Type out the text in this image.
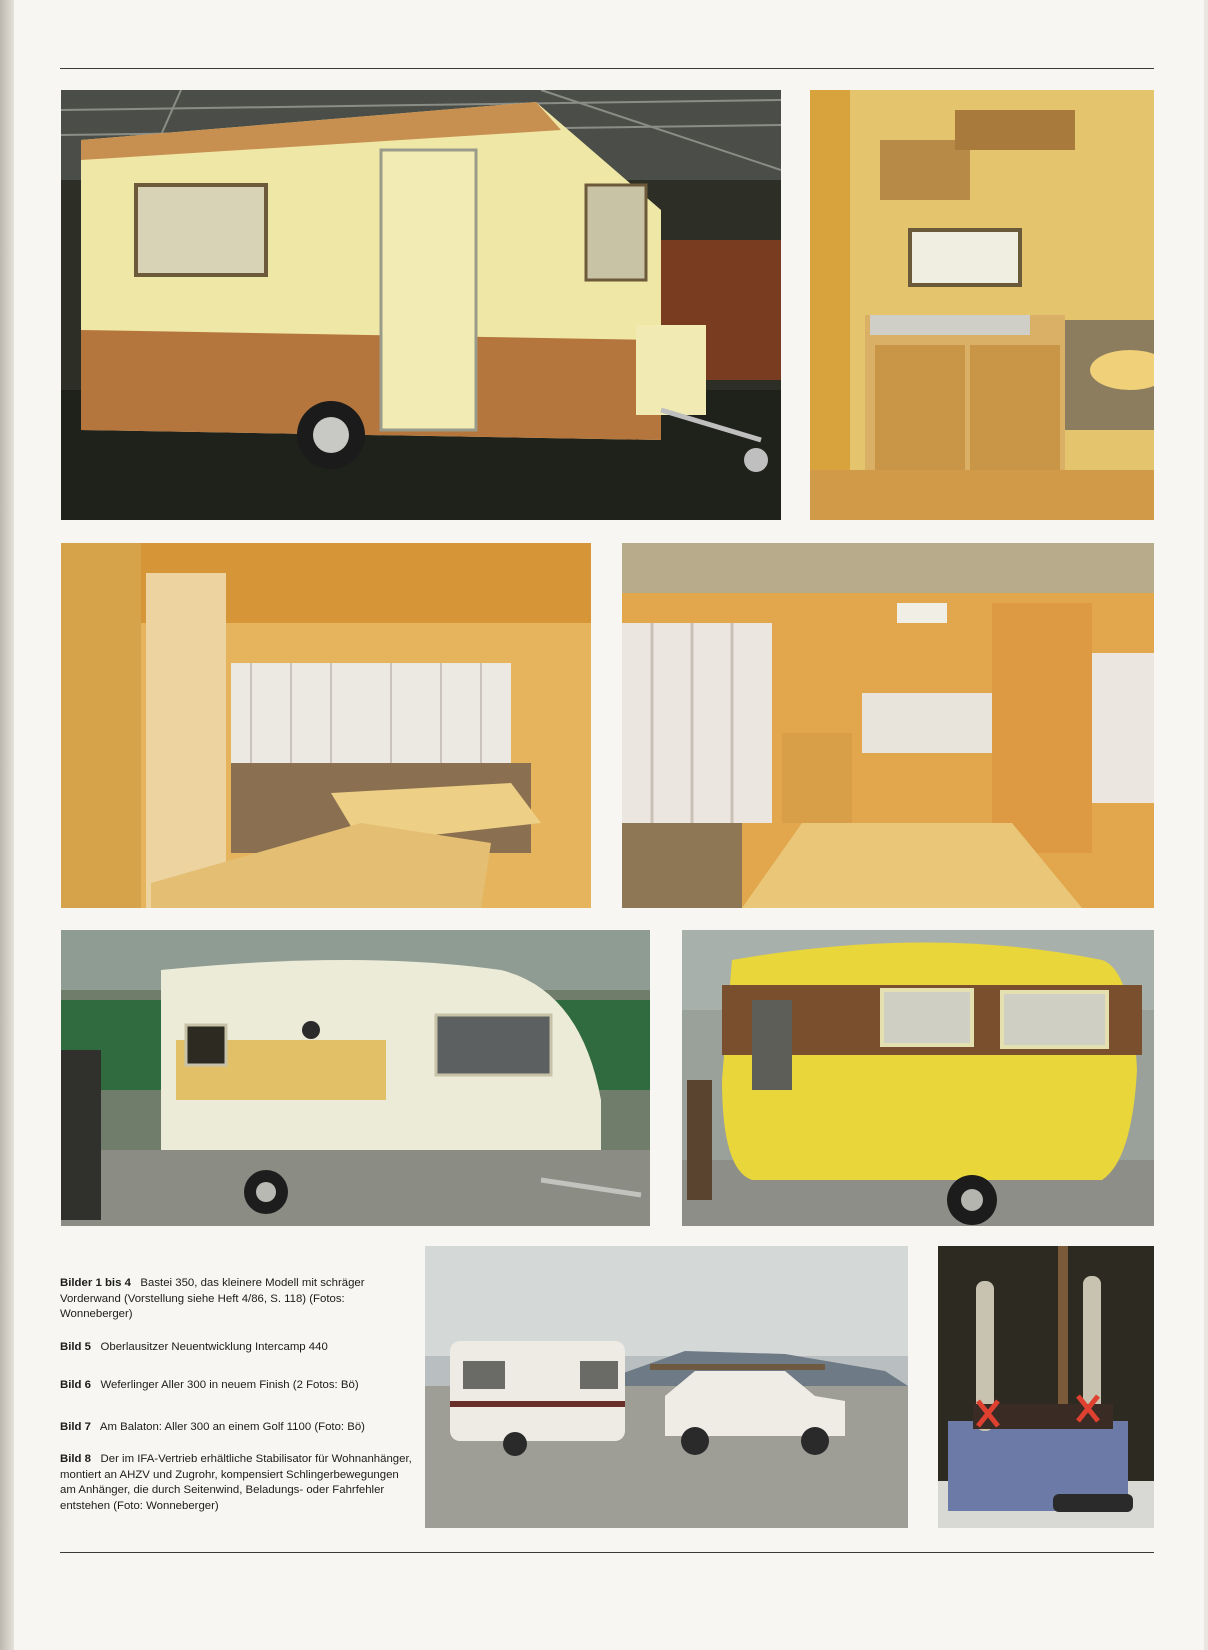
Bilder 1 bis 4 Bastei 350, das kleinere Modell mit schräger Vorderwand (Vorstellung siehe Heft 4/86, S. 118) (Fotos: Wonneberger)

Bild 5 Oberlausitzer Neuentwicklung Intercamp 440

Bild 6 Weferlinger Aller 300 in neuem Finish (2 Fotos: Bö)

Bild 7 Am Balaton: Aller 300 an einem Golf 1100 (Foto: Bö)

Bild 8 Der im IFA-Vertrieb erhältliche Stabilisator für Wohnanhänger, montiert an AHZV und Zugrohr, kompensiert Schlingerbewegungen am Anhänger, die durch Seitenwind, Beladungs- oder Fahrfehler entstehen (Foto: Wonneberger)
